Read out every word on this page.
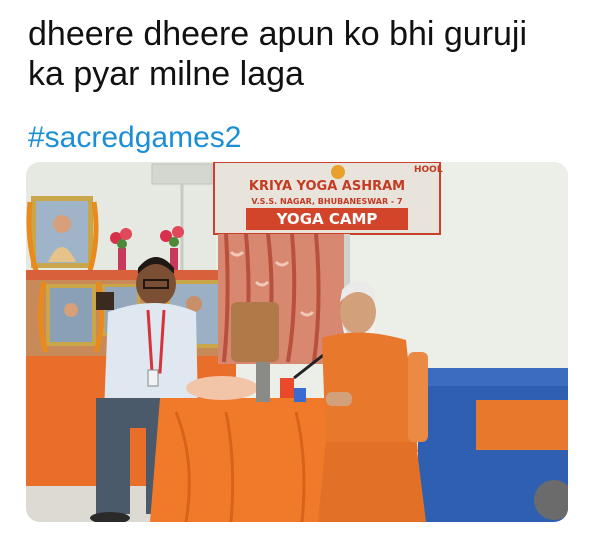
dheere dheere apun ko bhi guruji ka pyar milne laga
#sacredgames2
HOOL
KRIYA YOGA ASHRAM
V.S.S. NAGAR, BHUBANESWAR - 7
YOGA CAMP
